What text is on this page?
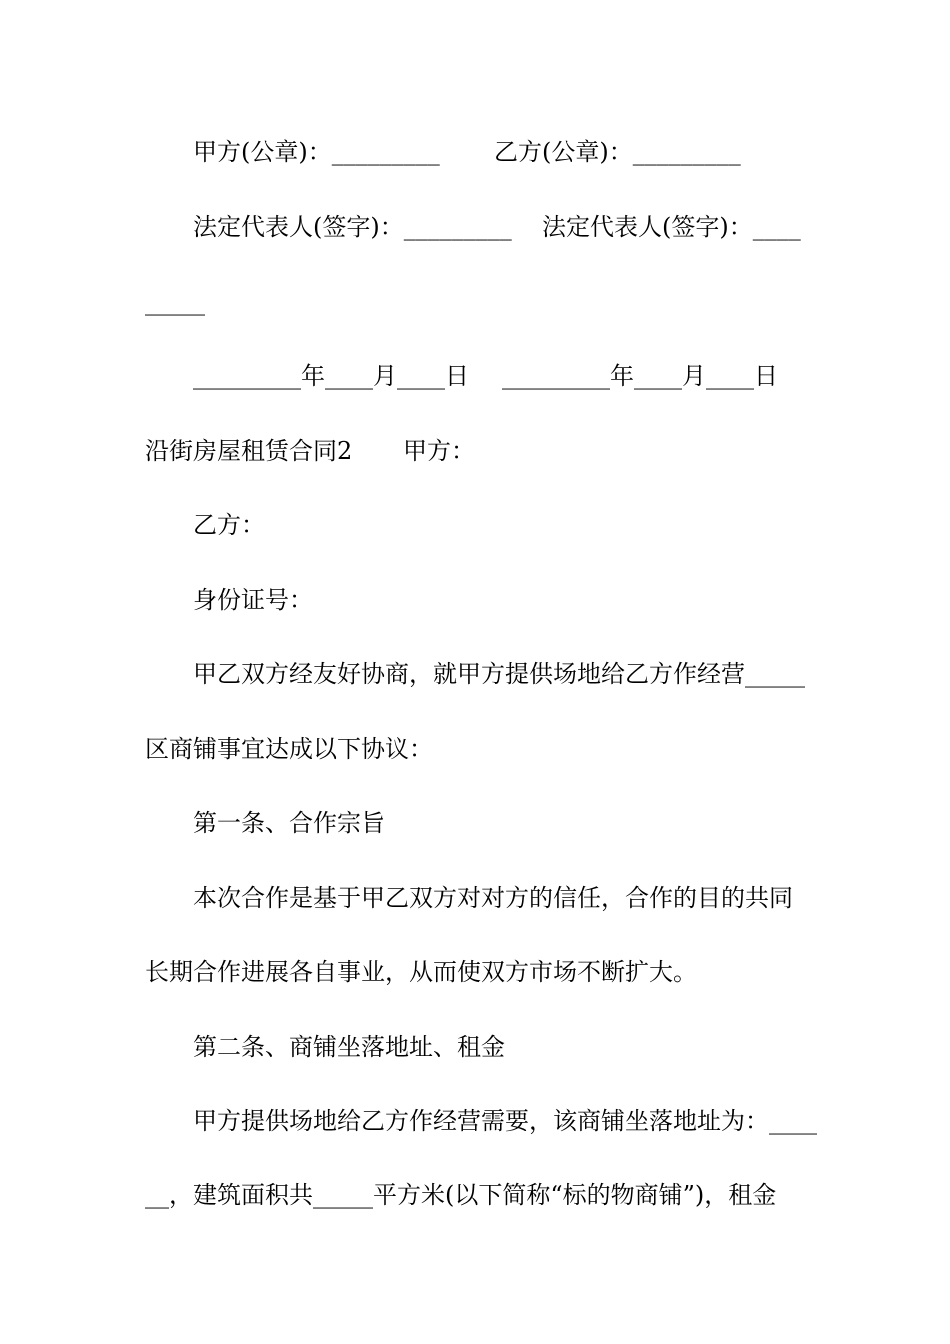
甲方(公章)：_________

乙方(公章)：_________

法定代表人(签字)：_________

法定代表人(签字)：____

_____

_________年____月____日

_________年____月____日

沿街房屋租赁合同2

甲方：

乙方：

身份证号：

甲乙双方经友好协商，就甲方提供场地给乙方作经营_____

区商铺事宜达成以下协议：

第一条、合作宗旨

本次合作是基于甲乙双方对对方的信任，合作的目的共同

长期合作进展各自事业，从而使双方市场不断扩大。

第二条、商铺坐落地址、租金

甲方提供场地给乙方作经营需要，该商铺坐落地址为：____

__，建筑面积共_____平方米(以下简称“标的物商铺”)，租金
